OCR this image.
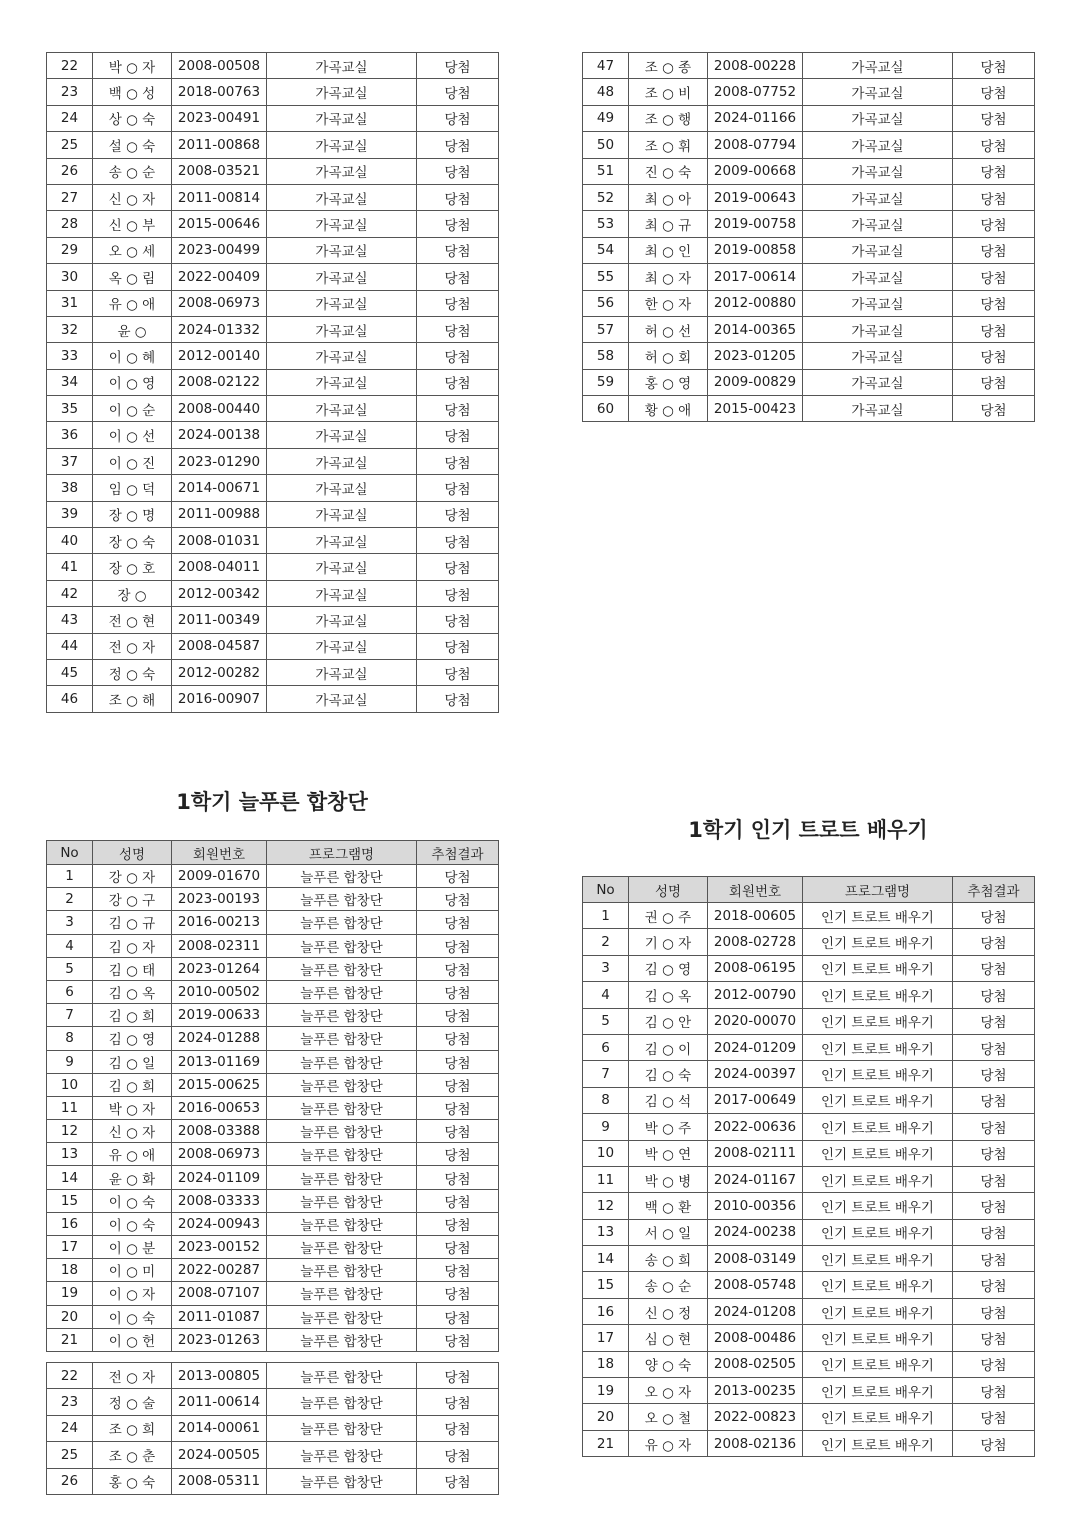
22	박 ○ 자	2008-00508	가곡교실	당첨
23	백 ○ 성	2018-00763	가곡교실	당첨
24	상 ○ 숙	2023-00491	가곡교실	당첨
25	설 ○ 숙	2011-00868	가곡교실	당첨
26	송 ○ 순	2008-03521	가곡교실	당첨
27	신 ○ 자	2011-00814	가곡교실	당첨
28	신 ○ 부	2015-00646	가곡교실	당첨
29	오 ○ 세	2023-00499	가곡교실	당첨
30	옥 ○ 림	2022-00409	가곡교실	당첨
31	유 ○ 애	2008-06973	가곡교실	당첨
32	윤 ○	2024-01332	가곡교실	당첨
33	이 ○ 혜	2012-00140	가곡교실	당첨
34	이 ○ 영	2008-02122	가곡교실	당첨
35	이 ○ 순	2008-00440	가곡교실	당첨
36	이 ○ 선	2024-00138	가곡교실	당첨
37	이 ○ 진	2023-01290	가곡교실	당첨
38	임 ○ 덕	2014-00671	가곡교실	당첨
39	장 ○ 명	2011-00988	가곡교실	당첨
40	장 ○ 숙	2008-01031	가곡교실	당첨
41	장 ○ 호	2008-04011	가곡교실	당첨
42	장 ○	2012-00342	가곡교실	당첨
43	전 ○ 현	2011-00349	가곡교실	당첨
44	전 ○ 자	2008-04587	가곡교실	당첨
45	정 ○ 숙	2012-00282	가곡교실	당첨
46	조 ○ 해	2016-00907	가곡교실	당첨
47	조 ○ 종	2008-00228	가곡교실	당첨
48	조 ○ 비	2008-07752	가곡교실	당첨
49	조 ○ 행	2024-01166	가곡교실	당첨
50	조 ○ 휘	2008-07794	가곡교실	당첨
51	진 ○ 숙	2009-00668	가곡교실	당첨
52	최 ○ 아	2019-00643	가곡교실	당첨
53	최 ○ 규	2019-00758	가곡교실	당첨
54	최 ○ 인	2019-00858	가곡교실	당첨
55	최 ○ 자	2017-00614	가곡교실	당첨
56	한 ○ 자	2012-00880	가곡교실	당첨
57	허 ○ 선	2014-00365	가곡교실	당첨
58	허 ○ 회	2023-01205	가곡교실	당첨
59	홍 ○ 영	2009-00829	가곡교실	당첨
60	황 ○ 애	2015-00423	가곡교실	당첨
1학기 늘푸른 합창단
No	성명	회원번호	프로그램명	추첨결과
1	강 ○ 자	2009-01670	늘푸른 합창단	당첨
2	강 ○ 구	2023-00193	늘푸른 합창단	당첨
3	김 ○ 규	2016-00213	늘푸른 합창단	당첨
4	김 ○ 자	2008-02311	늘푸른 합창단	당첨
5	김 ○ 태	2023-01264	늘푸른 합창단	당첨
6	김 ○ 옥	2010-00502	늘푸른 합창단	당첨
7	김 ○ 희	2019-00633	늘푸른 합창단	당첨
8	김 ○ 영	2024-01288	늘푸른 합창단	당첨
9	김 ○ 일	2013-01169	늘푸른 합창단	당첨
10	김 ○ 희	2015-00625	늘푸른 합창단	당첨
11	박 ○ 자	2016-00653	늘푸른 합창단	당첨
12	신 ○ 자	2008-03388	늘푸른 합창단	당첨
13	유 ○ 애	2008-06973	늘푸른 합창단	당첨
14	윤 ○ 화	2024-01109	늘푸른 합창단	당첨
15	이 ○ 숙	2008-03333	늘푸른 합창단	당첨
16	이 ○ 숙	2024-00943	늘푸른 합창단	당첨
17	이 ○ 분	2023-00152	늘푸른 합창단	당첨
18	이 ○ 미	2022-00287	늘푸른 합창단	당첨
19	이 ○ 자	2008-07107	늘푸른 합창단	당첨
20	이 ○ 숙	2011-01087	늘푸른 합창단	당첨
21	이 ○ 헌	2023-01263	늘푸른 합창단	당첨
22	전 ○ 자	2013-00805	늘푸른 합창단	당첨
23	정 ○ 술	2011-00614	늘푸른 합창단	당첨
24	조 ○ 희	2014-00061	늘푸른 합창단	당첨
25	조 ○ 춘	2024-00505	늘푸른 합창단	당첨
26	홍 ○ 숙	2008-05311	늘푸른 합창단	당첨
1학기 인기 트로트 배우기
No	성명	회원번호	프로그램명	추첨결과
1	권 ○ 주	2018-00605	인기 트로트 배우기	당첨
2	기 ○ 자	2008-02728	인기 트로트 배우기	당첨
3	김 ○ 영	2008-06195	인기 트로트 배우기	당첨
4	김 ○ 옥	2012-00790	인기 트로트 배우기	당첨
5	김 ○ 안	2020-00070	인기 트로트 배우기	당첨
6	김 ○ 이	2024-01209	인기 트로트 배우기	당첨
7	김 ○ 숙	2024-00397	인기 트로트 배우기	당첨
8	김 ○ 석	2017-00649	인기 트로트 배우기	당첨
9	박 ○ 주	2022-00636	인기 트로트 배우기	당첨
10	박 ○ 연	2008-02111	인기 트로트 배우기	당첨
11	박 ○ 병	2024-01167	인기 트로트 배우기	당첨
12	백 ○ 환	2010-00356	인기 트로트 배우기	당첨
13	서 ○ 일	2024-00238	인기 트로트 배우기	당첨
14	송 ○ 희	2008-03149	인기 트로트 배우기	당첨
15	송 ○ 순	2008-05748	인기 트로트 배우기	당첨
16	신 ○ 정	2024-01208	인기 트로트 배우기	당첨
17	심 ○ 현	2008-00486	인기 트로트 배우기	당첨
18	양 ○ 숙	2008-02505	인기 트로트 배우기	당첨
19	오 ○ 자	2013-00235	인기 트로트 배우기	당첨
20	오 ○ 철	2022-00823	인기 트로트 배우기	당첨
21	유 ○ 자	2008-02136	인기 트로트 배우기	당첨
